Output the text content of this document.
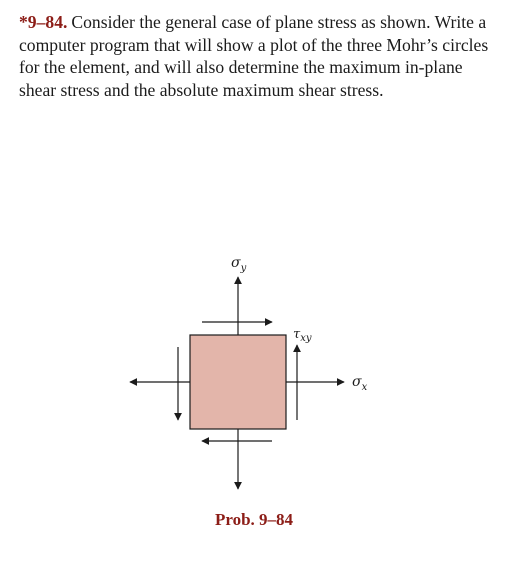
*9–84. Consider the general case of plane stress as shown. Write a computer program that will show a plot of the three Mohr’s circles for the element, and will also determine the maximum in-plane shear stress and the absolute maximum shear stress.

$\sigma_y$
$\tau_{xy}$
$\sigma_x$
Prob. 9–84
